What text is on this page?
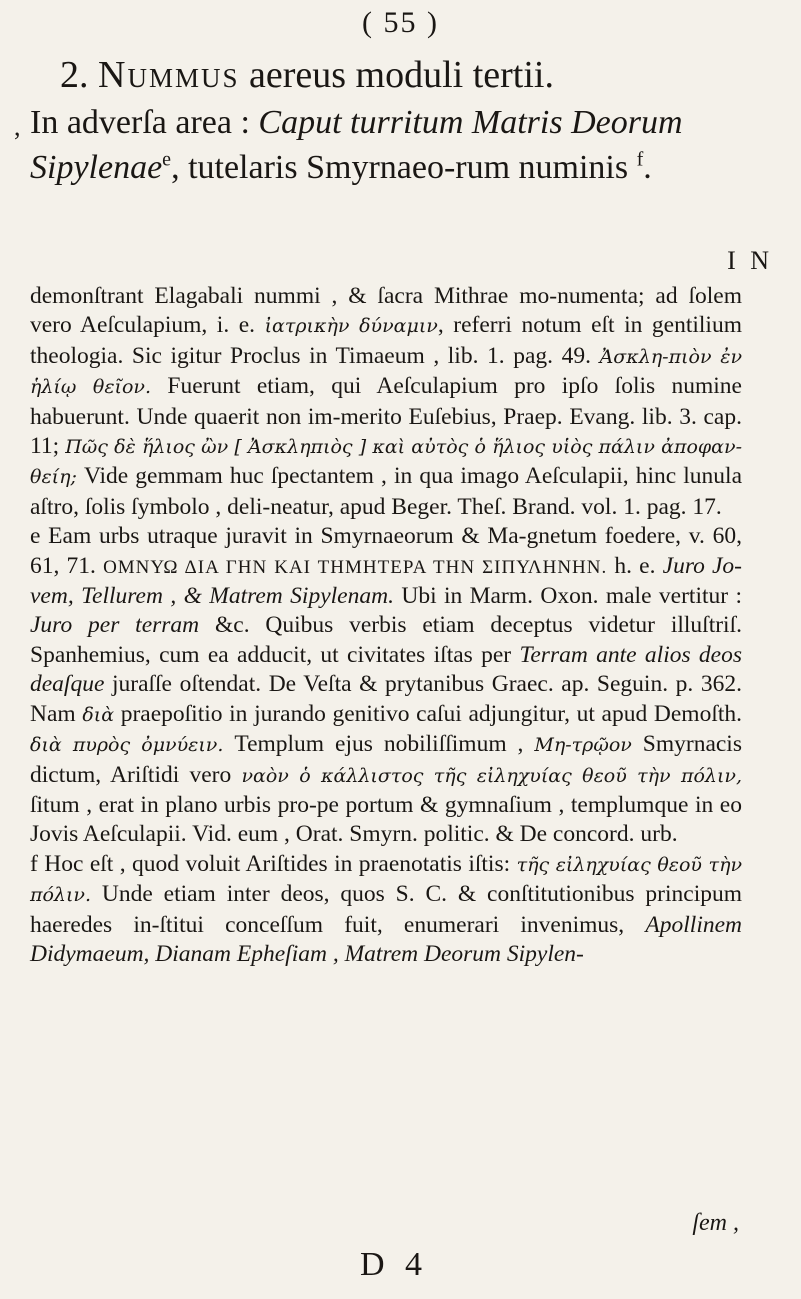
( 55 )
2. Nummus aereus moduli tertii.
, In adverſa area : Caput turritum Matris Deorum Sipylenae$^e$, tutelaris Smyrnaeo-rum numinis $^f$.
I N

demonſtrant Elagabali nummi , & ſacra Mithrae mo-numenta; ad ſolem vero Aeſculapium, i. e. ἰατρικὴν δύναμιν, referri notum eſt in gentilium theologia. Sic igitur Proclus in Timaeum , lib. 1. pag. 49. Ἀσκλη-πιὸν ἐν ἡλίῳ θεῖον. Fuerunt etiam, qui Aeſculapium pro ipſo ſolis numine habuerunt. Unde quaerit non im-merito Euſebius, Praep. Evang. lib. 3. cap. 11; Πῶς δὲ ἥλιος ὢν [ Ἀσκληπιὸς ] καὶ αὐτὸς ὁ ἥλιος υἱὸς πάλιν ἀποφαν-θείη; Vide gemmam huc ſpectantem , in qua imago Aeſculapii, hinc lunula aſtro, ſolis ſymbolo , deli-neatur, apud Beger. Theſ. Brand. vol. 1. pag. 17.

e Eam urbs utraque juravit in Smyrnaeorum & Ma-gnetum foedere, v. 60, 61, 71. ΟΜΝΥΩ ΔΙΑ ΓΗΝ ΚΑΙ ΤΗΜΗΤΕΡΑ ΤΗΝ ΣΙΠΥΛΗΝΗΝ. h. e. Juro Jo-vem, Tellurem , & Matrem Sipylenam. Ubi in Marm. Oxon. male vertitur : Juro per terram &c. Quibus verbis etiam deceptus videtur illuſtriſ. Spanhemius, cum ea adducit, ut civitates iſtas per Terram ante alios deos deaſque juraſſe oſtendat. De Veſta & prytanibus Graec. ap. Seguin. p. 362. Nam διὰ praepoſitio in jurando genitivo caſui adjungitur, ut apud Demoſth. διὰ πυρὸς ὀμνύειν. Templum ejus nobiliſſimum , Μη-τρῷον Smyrnacis dictum, Ariſtidi vero ναὸν ὁ κάλλιστος τῆς εἰληχυίας θεοῦ τὴν πόλιν, ſitum , erat in plano urbis pro-pe portum & gymnaſium , templumque in eo Jovis Aeſculapii. Vid. eum , Orat. Smyrn. politic. & De concord. urb.

f Hoc eſt , quod voluit Ariſtides in praenotatis iſtis: τῆς εἰληχυίας θεοῦ τὴν πόλιν. Unde etiam inter deos, quos S. C. & conſtitutionibus principum haeredes in-ſtitui conceſſum fuit, enumerari invenimus, Apollinem Didymaeum, Dianam Epheſiam , Matrem Deorum Sipylen-

ſem ,
D 4
